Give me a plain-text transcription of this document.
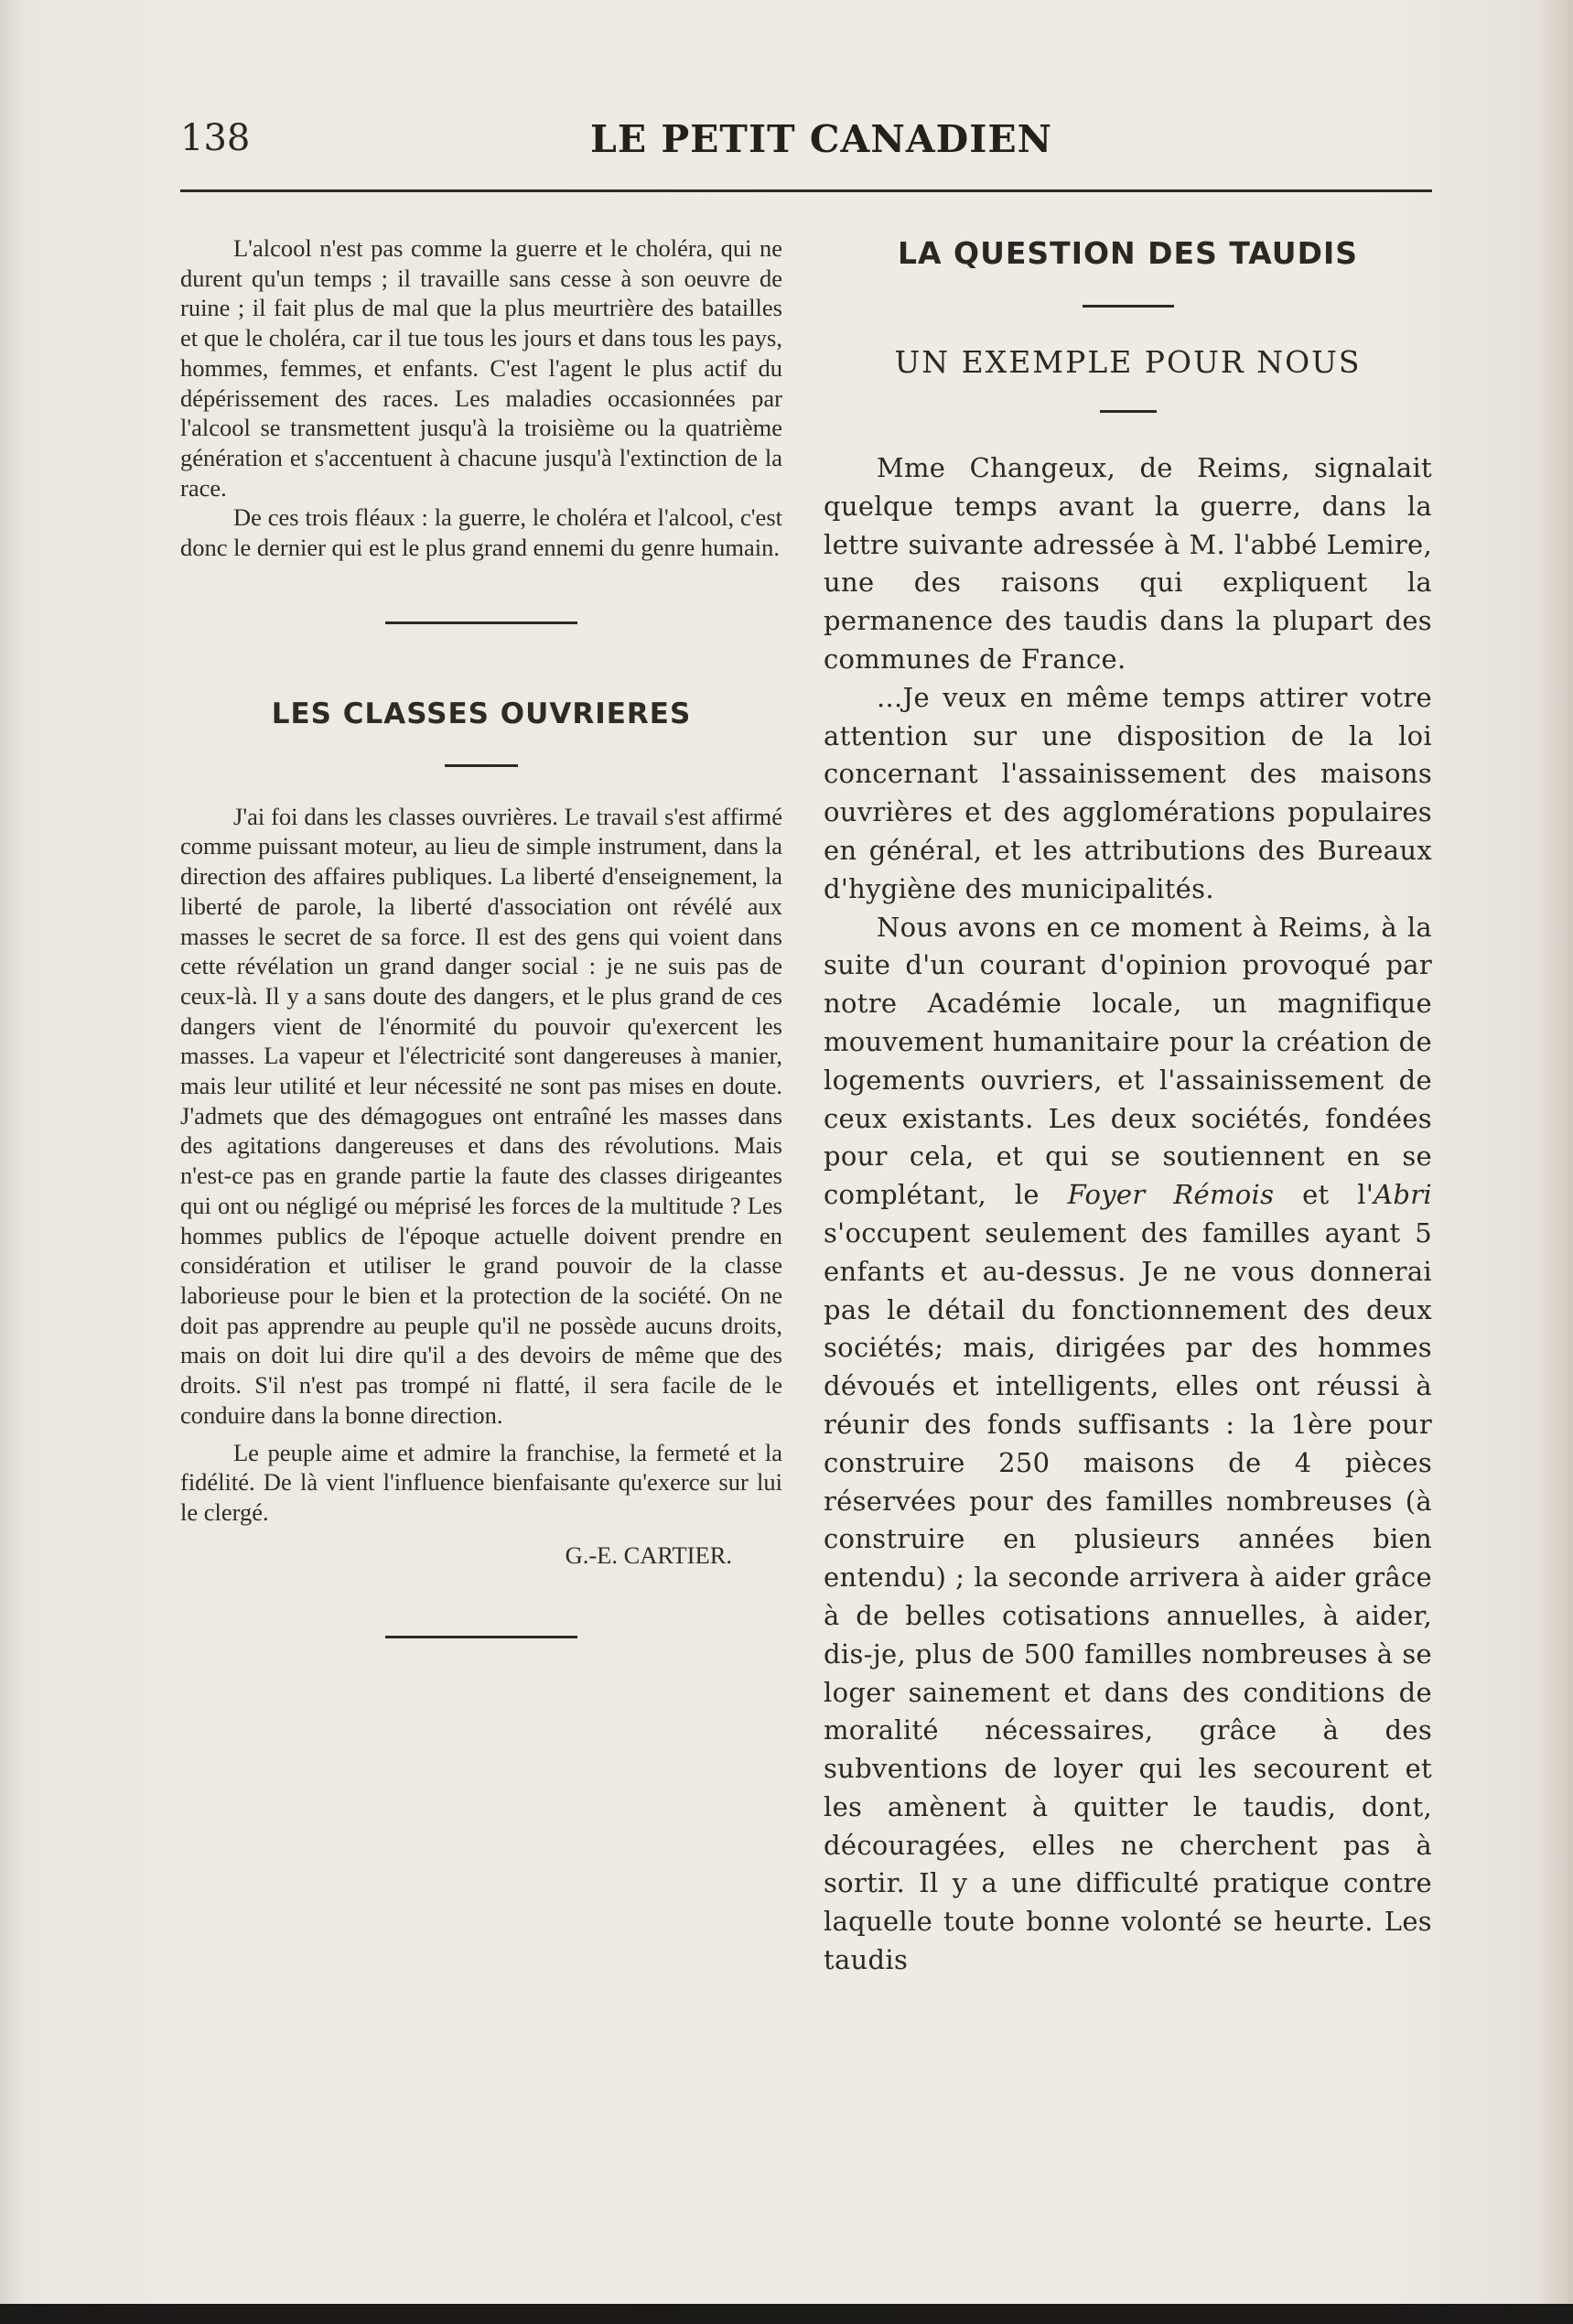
138	LE PETIT CANADIEN

L'alcool n'est pas comme la guerre et le choléra, qui ne durent qu'un temps ; il travaille sans cesse à son oeuvre de ruine ; il fait plus de mal que la plus meurtrière des batailles et que le choléra, car il tue tous les jours et dans tous les pays, hommes, femmes, et enfants. C'est l'agent le plus actif du dépérissement des races. Les maladies occasionnées par l'alcool se transmettent jusqu'à la troisième ou la quatrième génération et s'accentuent à chacune jusqu'à l'extinction de la race.

De ces trois fléaux : la guerre, le choléra et l'alcool, c'est donc le dernier qui est le plus grand ennemi du genre humain.

LES CLASSES OUVRIERES

J'ai foi dans les classes ouvrières. Le travail s'est affirmé comme puissant moteur, au lieu de simple instrument, dans la direction des affaires publiques. La liberté d'enseignement, la liberté de parole, la liberté d'association ont révélé aux masses le secret de sa force. Il est des gens qui voient dans cette révélation un grand danger social : je ne suis pas de ceux-là. Il y a sans doute des dangers, et le plus grand de ces dangers vient de l'énormité du pouvoir qu'exercent les masses. La vapeur et l'électricité sont dangereuses à manier, mais leur utilité et leur nécessité ne sont pas mises en doute. J'admets que des démagogues ont entraîné les masses dans des agitations dangereuses et dans des révolutions. Mais n'est-ce pas en grande partie la faute des classes dirigeantes qui ont ou négligé ou méprisé les forces de la multitude ? Les hommes publics de l'époque actuelle doivent prendre en considération et utiliser le grand pouvoir de la classe laborieuse pour le bien et la protection de la société. On ne doit pas apprendre au peuple qu'il ne possède aucuns droits, mais on doit lui dire qu'il a des devoirs de même que des droits. S'il n'est pas trompé ni flatté, il sera facile de le conduire dans la bonne direction.

Le peuple aime et admire la franchise, la fermeté et la fidélité. De là vient l'influence bienfaisante qu'exerce sur lui le clergé.

G.-E. CARTIER.

LA QUESTION DES TAUDIS
UN EXEMPLE POUR NOUS

Mme Changeux, de Reims, signalait quelque temps avant la guerre, dans la lettre suivante adressée à M. l'abbé Lemire, une des raisons qui expliquent la permanence des taudis dans la plupart des communes de France.

...Je veux en même temps attirer votre attention sur une disposition de la loi concernant l'assainissement des maisons ouvrières et des agglomérations populaires en général, et les attributions des Bureaux d'hygiène des municipalités.

Nous avons en ce moment à Reims, à la suite d'un courant d'opinion provoqué par notre Académie locale, un magnifique mouvement humanitaire pour la création de logements ouvriers, et l'assainissement de ceux existants. Les deux sociétés, fondées pour cela, et qui se soutiennent en se complétant, le Foyer Rémois et l'Abri s'occupent seulement des familles ayant 5 enfants et au-dessus. Je ne vous donnerai pas le détail du fonctionnement des deux sociétés; mais, dirigées par des hommes dévoués et intelligents, elles ont réussi à réunir des fonds suffisants : la 1ère pour construire 250 maisons de 4 pièces réservées pour des familles nombreuses (à construire en plusieurs années bien entendu) ; la seconde arrivera à aider grâce à de belles cotisations annuelles, à aider, dis-je, plus de 500 familles nombreuses à se loger sainement et dans des conditions de moralité nécessaires, grâce à des subventions de loyer qui les secourent et les amènent à quitter le taudis, dont, découragées, elles ne cherchent pas à sortir. Il y a une difficulté pratique contre laquelle toute bonne volonté se heurte. Les taudis
